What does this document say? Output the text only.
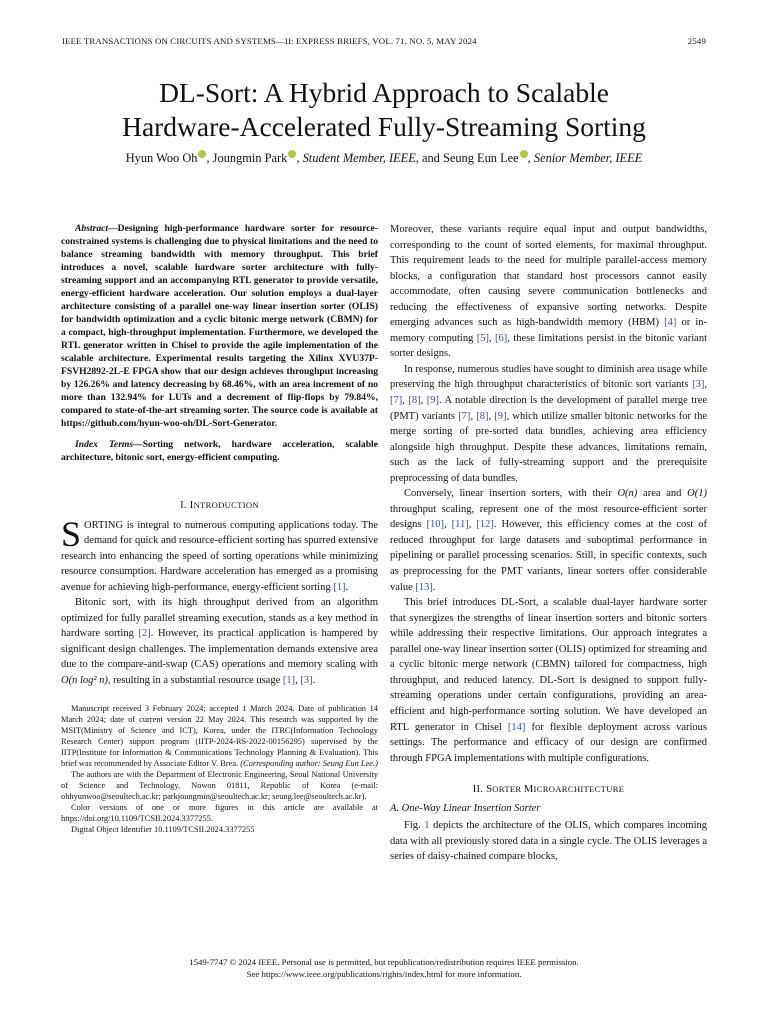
IEEE TRANSACTIONS ON CIRCUITS AND SYSTEMS—II: EXPRESS BRIEFS, VOL. 71, NO. 5, MAY 2024	2549
DL-Sort: A Hybrid Approach to Scalable
Hardware-Accelerated Fully-Streaming Sorting
Hyun Woo Oh , Joungmin Park , Student Member, IEEE, and Seung Eun Lee , Senior Member, IEEE

Abstract—Designing high-performance hardware sorter for resource-constrained systems is challenging due to physical limitations and the need to balance streaming bandwidth with memory throughput. This brief introduces a novel, scalable hardware sorter architecture with fully-streaming support and an accompanying RTL generator to provide versatile, energy-efficient hardware acceleration. Our solution employs a dual-layer architecture consisting of a parallel one-way linear insertion sorter (OLIS) for bandwidth optimization and a cyclic bitonic merge network (CBMN) for a compact, high-throughput implementation. Furthermore, we developed the RTL generator written in Chisel to provide the agile implementation of the scalable architecture. Experimental results targeting the Xilinx XVU37P-FSVH2892-2L-E FPGA show that our design achieves throughput increasing by 126.26% and latency decreasing by 68.46%, with an area increment of no more than 132.94% for LUTs and a decrement of flip-flops by 79.84%, compared to state-of-the-art streaming sorter. The source code is available at https://github.com/hyun-woo-oh/DL-Sort-Generator.

Index Terms—Sorting network, hardware acceleration, scalable architecture, bitonic sort, energy-efficient computing.

I. INTRODUCTION

SORTING is integral to numerous computing applications today. The demand for quick and resource-efficient sorting has spurred extensive research into enhancing the speed of sorting operations while minimizing resource consumption. Hardware acceleration has emerged as a promising avenue for achieving high-performance, energy-efficient sorting [1].

Bitonic sort, with its high throughput derived from an algorithm optimized for fully parallel streaming execution, stands as a key method in hardware sorting [2]. However, its practical application is hampered by significant design challenges. The implementation demands extensive area due to the compare-and-swap (CAS) operations and memory scaling with O(n log² n), resulting in a substantial resource usage [1], [3].

Manuscript received 3 February 2024; accepted 1 March 2024. Date of publication 14 March 2024; date of current version 22 May 2024. This research was supported by the MSIT(Ministry of Science and ICT), Korea, under the ITRC(Information Technology Research Center) support program (IITP-2024-RS-2022-00156295) supervised by the IITP(Institute for Information & Communications Technology Planning & Evaluation). This brief was recommended by Associate Editor V. Brea. (Corresponding author: Seung Eun Lee.)

The authors are with the Department of Electronic Engineering, Seoul National University of Science and Technology, Nowon 01811, Republic of Korea (e-mail: ohhyunwoo@seoultech.ac.kr; parkjoungmin@seoultech.ac.kr; seung.lee@seoultech.ac.kr).

Color versions of one or more figures in this article are available at https://doi.org/10.1109/TCSII.2024.3377255.

Digital Object Identifier 10.1109/TCSII.2024.3377255

Moreover, these variants require equal input and output bandwidths, corresponding to the count of sorted elements, for maximal throughput. This requirement leads to the need for multiple parallel-access memory blocks, a configuration that standard host processors cannot easily accommodate, often causing severe communication bottlenecks and reducing the effectiveness of expansive sorting networks. Despite emerging advances such as high-bandwidth memory (HBM) [4] or in-memory computing [5], [6], these limitations persist in the bitonic variant sorter designs.

In response, numerous studies have sought to diminish area usage while preserving the high throughput characteristics of bitonic sort variants [3], [7], [8], [9]. A notable direction is the development of parallel merge tree (PMT) variants [7], [8], [9], which utilize smaller bitonic networks for the merge sorting of pre-sorted data bundles, achieving area efficiency alongside high throughput. Despite these advances, limitations remain, such as the lack of fully-streaming support and the prerequisite preprocessing of data bundles.

Conversely, linear insertion sorters, with their O(n) area and O(1) throughput scaling, represent one of the most resource-efficient sorter designs [10], [11], [12]. However, this efficiency comes at the cost of reduced throughput for large datasets and suboptimal performance in pipelining or parallel processing scenarios. Still, in specific contexts, such as preprocessing for the PMT variants, linear sorters offer considerable value [13].

This brief introduces DL-Sort, a scalable dual-layer hardware sorter that synergizes the strengths of linear insertion sorters and bitonic sorters while addressing their respective limitations. Our approach integrates a parallel one-way linear insertion sorter (OLIS) optimized for streaming and a cyclic bitonic merge network (CBMN) tailored for compactness, high throughput, and reduced latency. DL-Sort is designed to support fully-streaming operations under certain configurations, providing an area-efficient and high-performance sorting solution. We have developed an RTL generator in Chisel [14] for flexible deployment across various settings. The performance and efficacy of our design are confirmed through FPGA implementations with multiple configurations.

II. SORTER MICROARCHITECTURE
A. One-Way Linear Insertion Sorter

Fig. 1 depicts the architecture of the OLIS, which compares incoming data with all previously stored data in a single cycle. The OLIS leverages a series of daisy-chained compare blocks,

1549-7747 © 2024 IEEE. Personal use is permitted, but republication/redistribution requires IEEE permission.
See https://www.ieee.org/publications/rights/index.html for more information.
